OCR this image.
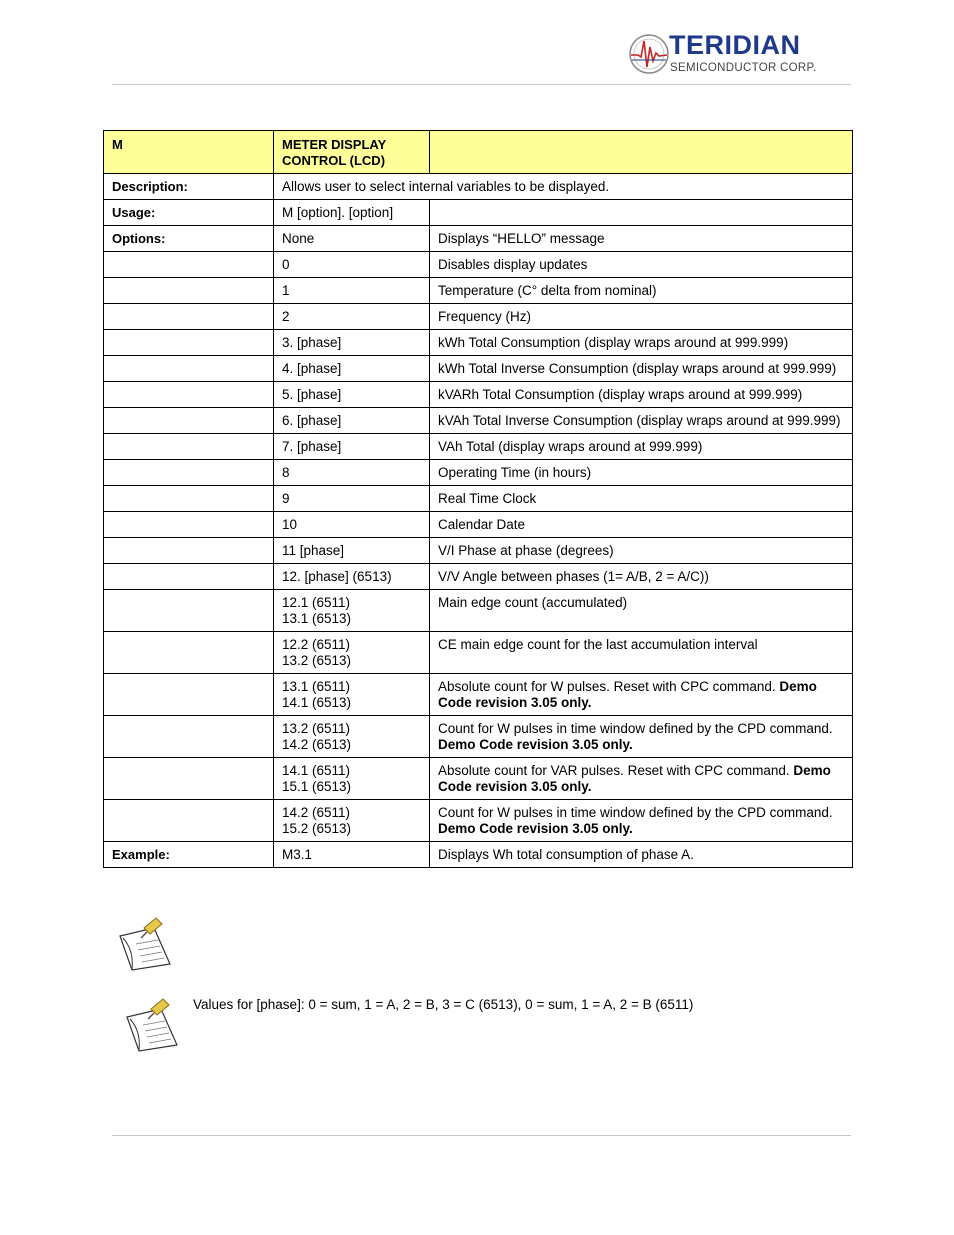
TERIDIAN
SEMICONDUCTOR CORP.
M	METER DISPLAY CONTROL (LCD)	
Description:	Allows user to select internal variables to be displayed.	
Usage:	M [option]. [option]	
Options:	None	Displays “HELLO” message

	0	Disables display updates

	1	Temperature (C° delta from nominal)

	2	Frequency (Hz)

	3. [phase]	kWh Total Consumption (display wraps around at 999.999)

	4. [phase]	kWh Total Inverse Consumption (display wraps around at 999.999)

	5. [phase]	kVARh Total Consumption (display wraps around at 999.999)

	6. [phase]	kVAh Total Inverse Consumption (display wraps around at 999.999)

	7. [phase]	VAh Total (display wraps around at 999.999)

	8	Operating Time (in hours)

	9	Real Time Clock

	10	Calendar Date

	11 [phase]	V/I Phase at phase (degrees)

	12. [phase] (6513)	V/V Angle between phases (1= A/B, 2 = A/C))

	12.1 (6511)
13.1 (6513)	Main edge count (accumulated)

	12.2 (6511)
13.2 (6513)	CE main edge count for the last accumulation interval

	13.1 (6511)
14.1 (6513)	Absolute count for W pulses. Reset with CPC command. Demo Code revision 3.05 only.

	13.2 (6511)
14.2 (6513)	Count for W pulses in time window defined by the CPD command. Demo Code revision 3.05 only.

	14.1 (6511)
15.1 (6513)	Absolute count for VAR pulses. Reset with CPC command. Demo Code revision 3.05 only.

	14.2 (6511)
15.2 (6513)	Count for W pulses in time window defined by the CPD command. Demo Code revision 3.05 only.
Example:	M3.1	Displays Wh total consumption of phase A.
Values for [phase]: 0 = sum, 1 = A, 2 = B, 3 = C (6513), 0 = sum, 1 = A, 2 = B (6511)
